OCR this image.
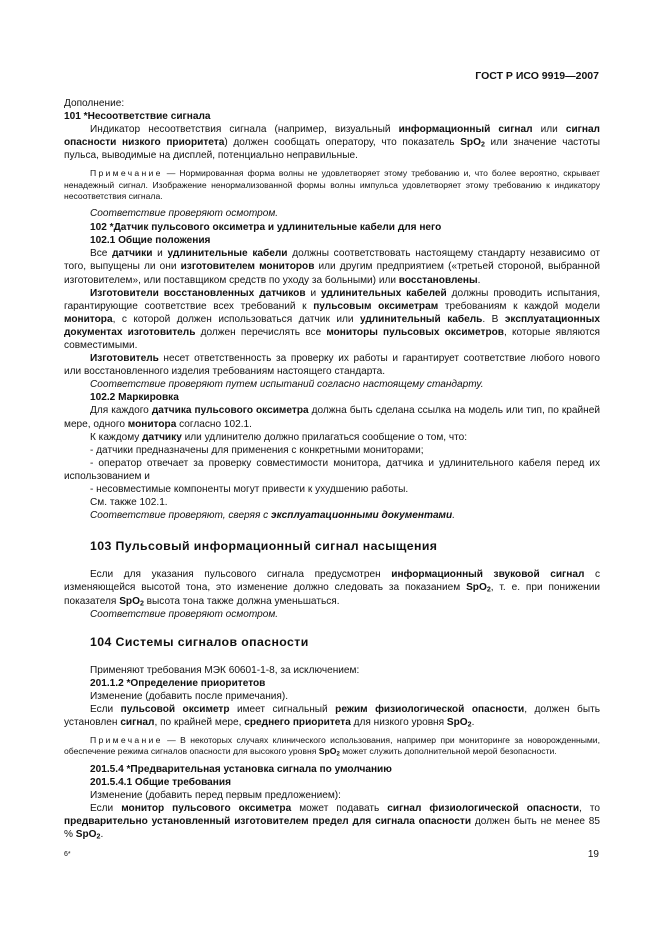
ГОСТ Р ИСО 9919—2007

Дополнение:

101 *Несоответствие сигнала

Индикатор несоответствия сигнала (например, визуальный информационный сигнал или сигнал опасности низкого приоритета) должен сообщать оператору, что показатель SpO$_2$ или значение частоты пульса, выводимые на дисплей, потенциально неправильные.

Примечание — Нормированная форма волны не удовлетворяет этому требованию и, что более вероятно, скрывает ненадежный сигнал. Изображение ненормализованной формы волны импульса удовлетворяет этому требованию к индикатору несоответствия сигнала.

Соответствие проверяют осмотром.

102 *Датчик пульсового оксиметра и удлинительные кабели для него

102.1 Общие положения

Все датчики и удлинительные кабели должны соответствовать настоящему стандарту независимо от того, выпущены ли они изготовителем мониторов или другим предприятием («третьей стороной, выбранной изготовителем», или поставщиком средств по уходу за больными) или восстановлены.

Изготовители восстановленных датчиков и удлинительных кабелей должны проводить испытания, гарантирующие соответствие всех требований к пульсовым оксиметрам требованиям к каждой модели монитора, с которой должен использоваться датчик или удлинительный кабель. В эксплуатационных документах изготовитель должен перечислять все мониторы пульсовых оксиметров, которые являются совместимыми.

Изготовитель несет ответственность за проверку их работы и гарантирует соответствие любого нового или восстановленного изделия требованиям настоящего стандарта.

Соответствие проверяют путем испытаний согласно настоящему стандарту.

102.2 Маркировка

Для каждого датчика пульсового оксиметра должна быть сделана ссылка на модель или тип, по крайней мере, одного монитора согласно 102.1.

К каждому датчику или удлинителю должно прилагаться сообщение о том, что:

- датчики предназначены для применения с конкретными мониторами;

- оператор отвечает за проверку совместимости монитора, датчика и удлинительного кабеля перед их использованием и

- несовместимые компоненты могут привести к ухудшению работы.

См. также 102.1.

Соответствие проверяют, сверяя с эксплуатационными документами.

103 Пульсовый информационный сигнал насыщения

Если для указания пульсового сигнала предусмотрен информационный звуковой сигнал с изменяющейся высотой тона, это изменение должно следовать за показанием SpO$_2$, т. е. при понижении показателя SpO$_2$ высота тона также должна уменьшаться.

Соответствие проверяют осмотром.

104 Системы сигналов опасности

Применяют требования МЭК 60601-1-8, за исключением:

201.1.2 *Определение приоритетов

Изменение (добавить после примечания).

Если пульсовой оксиметр имеет сигнальный режим физиологической опасности, должен быть установлен сигнал, по крайней мере, среднего приоритета для низкого уровня SpO$_2$.

Примечание — В некоторых случаях клинического использования, например при мониторинге за новорожденными, обеспечение режима сигналов опасности для высокого уровня SpO$_2$ может служить дополнительной мерой безопасности.

201.5.4 *Предварительная установка сигнала по умолчанию

201.5.4.1 Общие требования

Изменение (добавить перед первым предложением):

Если монитор пульсового оксиметра может подавать сигнал физиологической опасности, то предварительно установленный изготовителем предел для сигнала опасности должен быть не менее 85 % SpO$_2$.

6*	19
